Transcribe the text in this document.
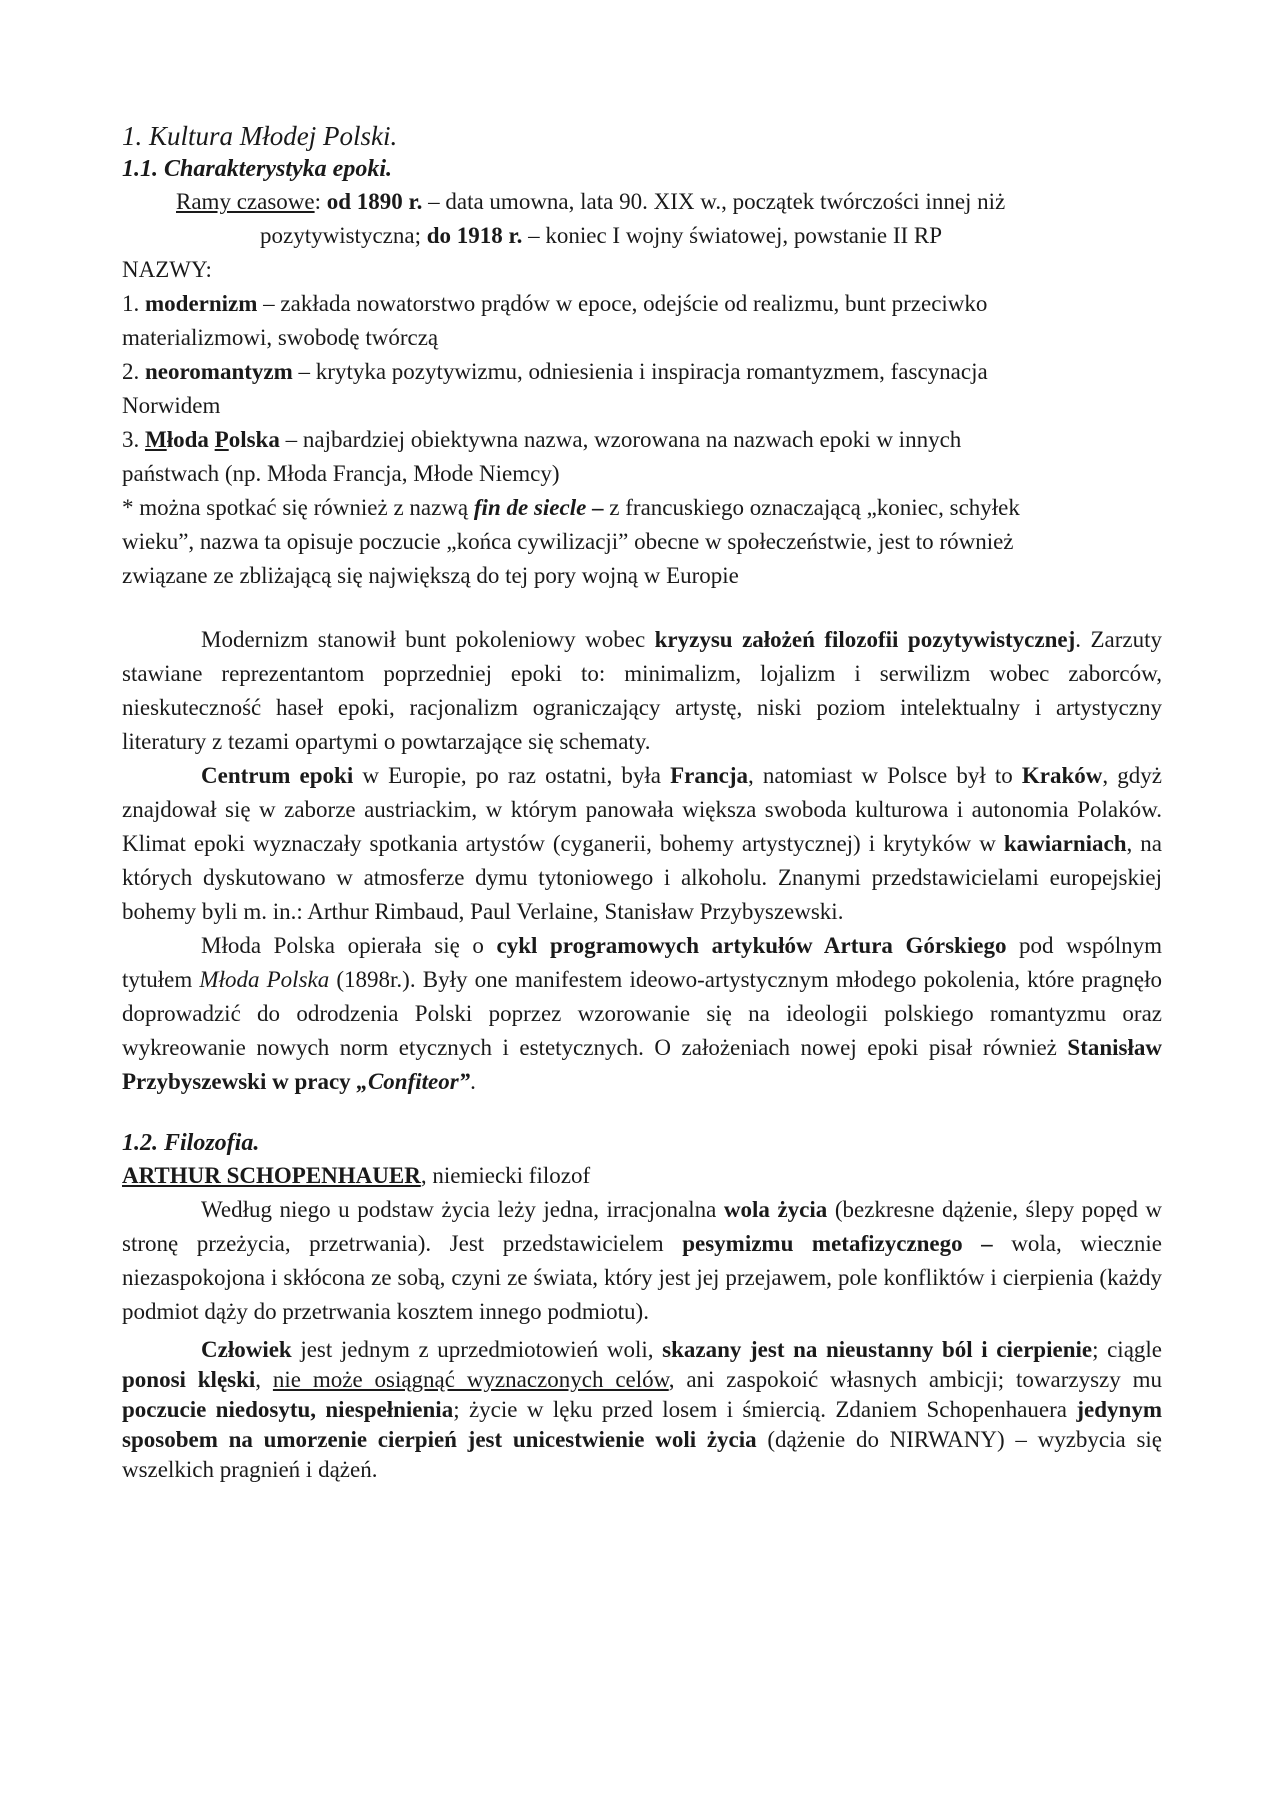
1. Kultura Młodej Polski.

1.1. Charakterystyka epoki.

Ramy czasowe: od 1890 r. – data umowna, lata 90. XIX w., początek twórczości innej niż

pozytywistyczna; do 1918 r. – koniec I wojny światowej, powstanie II RP

NAZWY:

1. modernizm – zakłada nowatorstwo prądów w epoce, odejście od realizmu, bunt przeciwko

materializmowi, swobodę twórczą

2. neoromantyzm – krytyka pozytywizmu, odniesienia i inspiracja romantyzmem, fascynacja

Norwidem

3. Młoda Polska – najbardziej obiektywna nazwa, wzorowana na nazwach epoki w innych

państwach (np. Młoda Francja, Młode Niemcy)

* można spotkać się również z nazwą fin de siecle – z francuskiego oznaczającą „koniec, schyłek

wieku”, nazwa ta opisuje poczucie „końca cywilizacji” obecne w społeczeństwie, jest to również

związane ze zbliżającą się największą do tej pory wojną w Europie

Modernizm stanowił bunt pokoleniowy wobec kryzysu założeń filozofii pozytywistycznej. Zarzuty stawiane reprezentantom poprzedniej epoki to: minimalizm, lojalizm i serwilizm wobec zaborców, nieskuteczność haseł epoki, racjonalizm ograniczający artystę, niski poziom intelektualny i artystyczny literatury z tezami opartymi o powtarzające się schematy.

Centrum epoki w Europie, po raz ostatni, była Francja, natomiast w Polsce był to Kraków, gdyż znajdował się w zaborze austriackim, w którym panowała większa swoboda kulturowa i autonomia Polaków. Klimat epoki wyznaczały spotkania artystów (cyganerii, bohemy artystycznej) i krytyków w kawiarniach, na których dyskutowano w atmosferze dymu tytoniowego i alkoholu. Znanymi przedstawicielami europejskiej bohemy byli m. in.: Arthur Rimbaud, Paul Verlaine, Stanisław Przybyszewski.

Młoda Polska opierała się o cykl programowych artykułów Artura Górskiego pod wspólnym tytułem Młoda Polska (1898r.). Były one manifestem ideowo-artystycznym młodego pokolenia, które pragnęło doprowadzić do odrodzenia Polski poprzez wzorowanie się na ideologii polskiego romantyzmu oraz wykreowanie nowych norm etycznych i estetycznych. O założeniach nowej epoki pisał również Stanisław Przybyszewski w pracy „Confiteor”.

1.2. Filozofia.

ARTHUR SCHOPENHAUER, niemiecki filozof

Według niego u podstaw życia leży jedna, irracjonalna wola życia (bezkresne dążenie, ślepy popęd w stronę przeżycia, przetrwania). Jest przedstawicielem pesymizmu metafizycznego – wola, wiecznie niezaspokojona i skłócona ze sobą, czyni ze świata, który jest jej przejawem, pole konfliktów i cierpienia (każdy podmiot dąży do przetrwania kosztem innego podmiotu).

Człowiek jest jednym z uprzedmiotowień woli, skazany jest na nieustanny ból i cierpienie; ciągle ponosi klęski, nie może osiągnąć wyznaczonych celów, ani zaspokoić własnych ambicji; towarzyszy mu poczucie niedosytu, niespełnienia; życie w lęku przed losem i śmiercią. Zdaniem Schopenhauera jedynym sposobem na umorzenie cierpień jest unicestwienie woli życia (dążenie do NIRWANY) – wyzbycia się wszelkich pragnień i dążeń.
